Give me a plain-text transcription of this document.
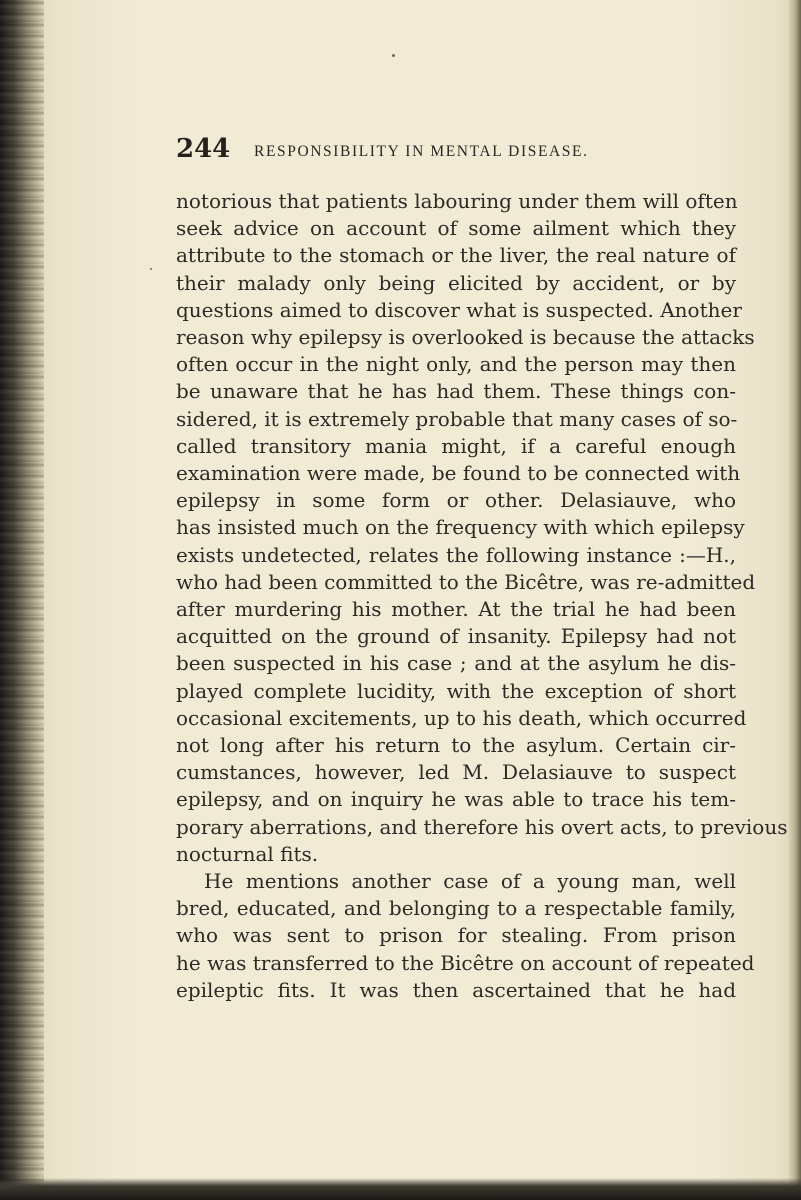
244 RESPONSIBILITY IN MENTAL DISEASE.
notorious that patients labouring under them will often
seek advice on account of some ailment which they
attribute to the stomach or the liver, the real nature of
their malady only being elicited by accident, or by
questions aimed to discover what is suspected. Another
reason why epilepsy is overlooked is because the attacks
often occur in the night only, and the person may then
be unaware that he has had them. These things con-
sidered, it is extremely probable that many cases of so-
called transitory mania might, if a careful enough
examination were made, be found to be connected with
epilepsy in some form or other. Delasiauve, who
has insisted much on the frequency with which epilepsy
exists undetected, relates the following instance :—H.,
who had been committed to the Bicêtre, was re-admitted
after murdering his mother. At the trial he had been
acquitted on the ground of insanity. Epilepsy had not
been suspected in his case ; and at the asylum he dis-
played complete lucidity, with the exception of short
occasional excitements, up to his death, which occurred
not long after his return to the asylum. Certain cir-
cumstances, however, led M. Delasiauve to suspect
epilepsy, and on inquiry he was able to trace his tem-
porary aberrations, and therefore his overt acts, to previous
nocturnal fits.
He mentions another case of a young man, well
bred, educated, and belonging to a respectable family,
who was sent to prison for stealing. From prison
he was transferred to the Bicêtre on account of repeated
epileptic fits. It was then ascertained that he had
